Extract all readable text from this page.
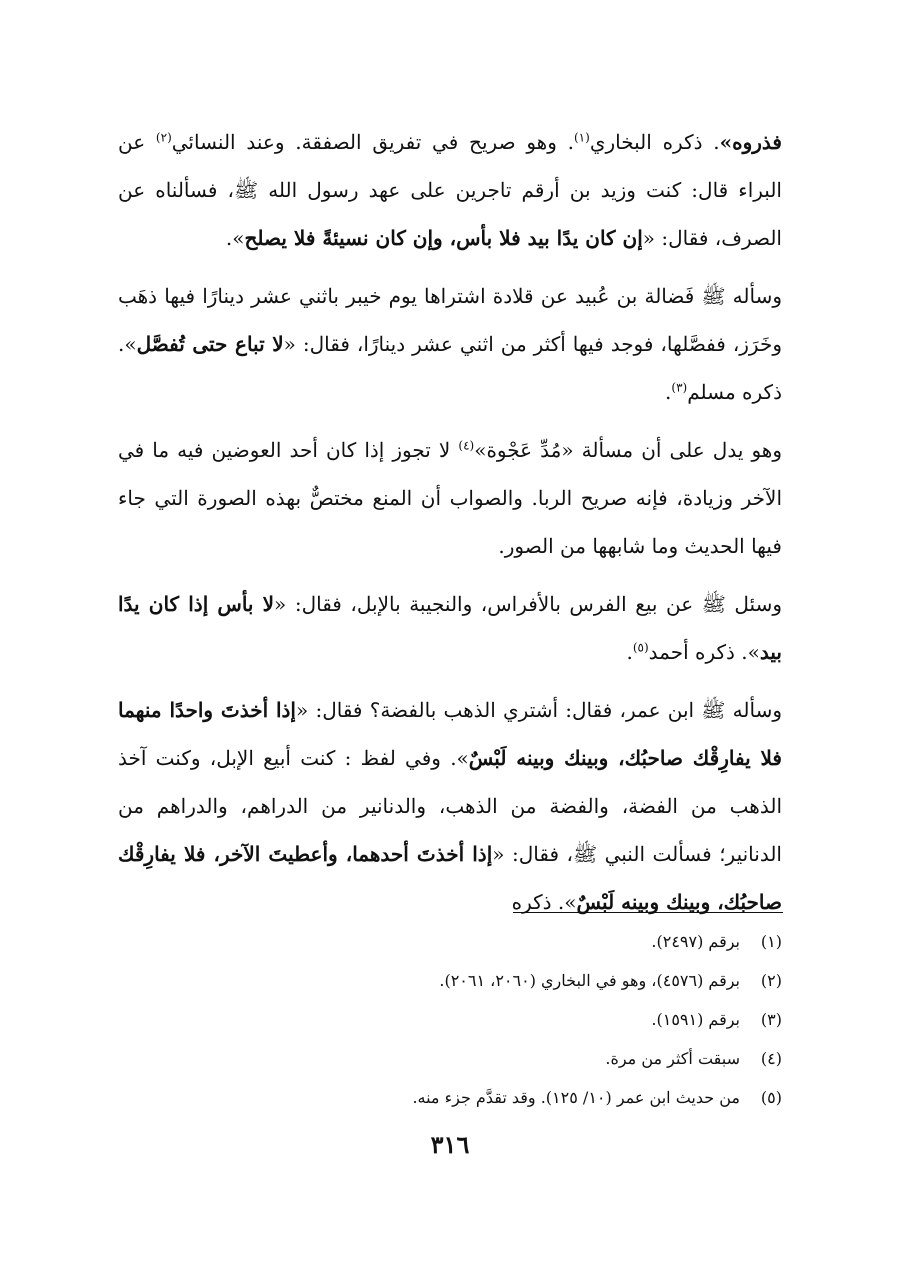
فذروه». ذكره البخاري$^{(١)}$. وهو صريح في تفريق الصفقة. وعند النسائي$^{(٢)}$ عن البراء قال: كنت وزيد بن أرقم تاجرين على عهد رسول الله ﷺ، فسألناه عن الصرف، فقال: «إن كان يدًا بيد فلا بأس، وإن كان نسيئةً فلا يصلح».

وسأله ﷺ فَضالة بن عُبيد عن قلادة اشتراها يوم خيبر باثني عشر دينارًا فيها ذهَب وخَرَز، ففصَّلها، فوجد فيها أكثر من اثني عشر دينارًا، فقال: «لا تباع حتى تُفصَّل». ذكره مسلم$^{(٣)}$.

وهو يدل على أن مسألة «مُدِّ عَجْوة»$^{(٤)}$ لا تجوز إذا كان أحد العوضين فيه ما في الآخر وزيادة، فإنه صريح الربا. والصواب أن المنع مختصٌّ بهذه الصورة التي جاء فيها الحديث وما شابهها من الصور.

وسئل ﷺ عن بيع الفرس بالأفراس، والنجيبة بالإبل، فقال: «لا بأس إذا كان يدًا بيد». ذكره أحمد$^{(٥)}$.

وسأله ﷺ ابن عمر، فقال: أشتري الذهب بالفضة؟ فقال: «إذا أخذتَ واحدًا منهما فلا يفارِقْك صاحبُك، وبينك وبينه لَبْسٌ». وفي لفظ : كنت أبيع الإبل، وكنت آخذ الذهب من الفضة، والفضة من الذهب، والدنانير من الدراهم، والدراهم من الدنانير؛ فسألت النبي ﷺ، فقال: «إذا أخذتَ أحدهما، وأعطيتَ الآخر، فلا يفارِقْك صاحبُك، وبينك وبينه لَبْسٌ». ذكره

(١)برقم (٢٤٩٧).
(٢)برقم (٤٥٧٦)، وهو في البخاري (٢٠٦٠، ٢٠٦١).
(٣)برقم (١٥٩١).
(٤)سبقت أكثر من مرة.
(٥)من حديث ابن عمر (١٠/ ١٢٥). وقد تقدَّم جزء منه.
٣١٦
